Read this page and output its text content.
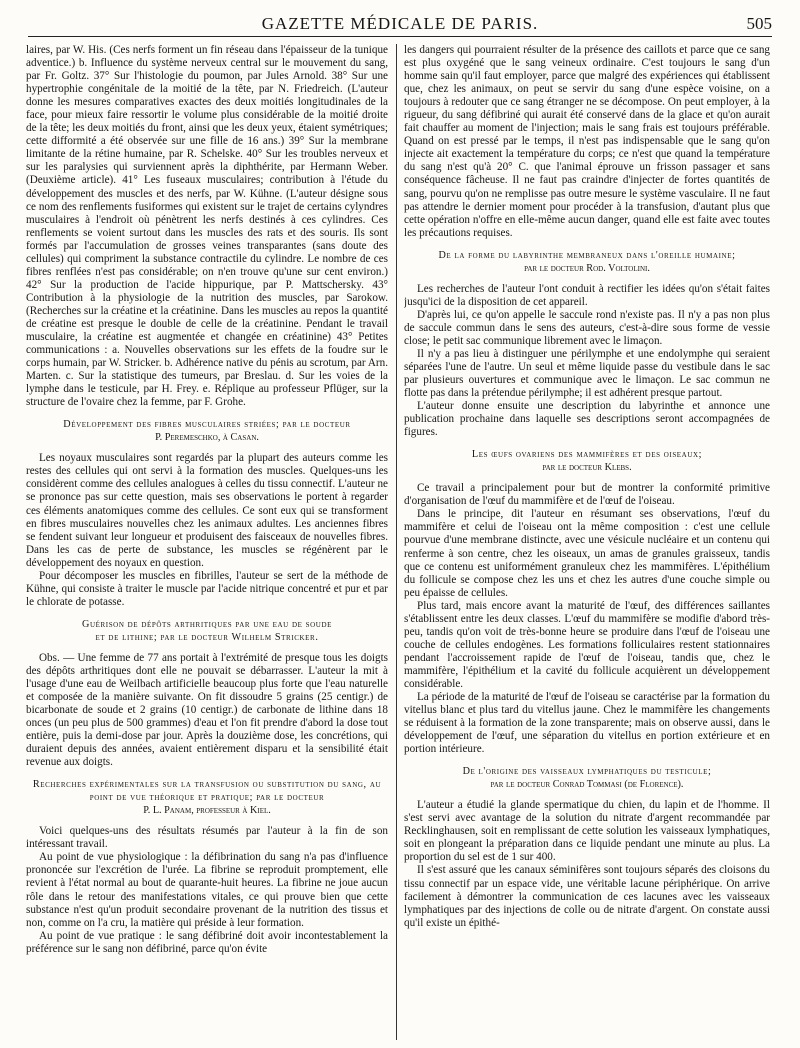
GAZETTE MÉDICALE DE PARIS.	505

laires, par W. His. (Ces nerfs forment un fin réseau dans l'épaisseur de la tunique adventice.) b. Influence du système nerveux central sur le mouvement du sang, par Fr. Goltz. 37° Sur l'histologie du poumon, par Jules Arnold. 38° Sur une hypertrophie congénitale de la moitié de la tête, par N. Friedreich. (L'auteur donne les mesures comparatives exactes des deux moitiés longitudinales de la face, pour mieux faire ressortir le volume plus considérable de la moitié droite de la tête; les deux moitiés du front, ainsi que les deux yeux, étaient symétriques; cette difformité a été observée sur une fille de 16 ans.) 39° Sur la membrane limitante de la rétine humaine, par R. Schelske. 40° Sur les troubles nerveux et sur les paralysies qui surviennent après la diphthérite, par Hermann Weber. (Deuxième article). 41° Les fuseaux musculaires; contribution à l'étude du développement des muscles et des nerfs, par W. Kühne. (L'auteur désigne sous ce nom des renflements fusiformes qui existent sur le trajet de certains cylyndres musculaires à l'endroit où pénètrent les nerfs destinés à ces cylindres. Ces renflements se voient surtout dans les muscles des rats et des souris. Ils sont formés par l'accumulation de grosses veines transparantes (sans doute des cellules) qui compriment la substance contractile du cylindre. Le nombre de ces fibres renflées n'est pas considérable; on n'en trouve qu'une sur cent environ.) 42° Sur la production de l'acide hippurique, par P. Mattschersky. 43° Contribution à la physiologie de la nutrition des muscles, par Sarokow. (Recherches sur la créatine et la créatinine. Dans les muscles au repos la quantité de créatine est presque le double de celle de la créatinine. Pendant le travail musculaire, la créatine est augmentée et changée en créatinine) 43° Petites communications : a. Nouvelles observations sur les effets de la foudre sur le corps humain, par W. Stricker. b. Adhérence native du pénis au scrotum, par Arn. Marten. c. Sur la statistique des tumeurs, par Breslau. d. Sur les voies de la lymphe dans le testicule, par H. Frey. e. Réplique au professeur Pflüger, sur la structure de l'ovaire chez la femme, par F. Grohe.

Développement des fibres musculaires striées; par le docteur
P. Peremeschko, à Casan.

Les noyaux musculaires sont regardés par la plupart des auteurs comme les restes des cellules qui ont servi à la formation des muscles. Quelques-uns les considèrent comme des cellules analogues à celles du tissu connectif. L'auteur ne se prononce pas sur cette question, mais ses observations le portent à regarder ces éléments anatomiques comme des cellules. Ce sont eux qui se transforment en fibres musculaires nouvelles chez les animaux adultes. Les anciennes fibres se fendent suivant leur longueur et produisent des faisceaux de nouvelles fibres. Dans les cas de perte de substance, les muscles se régénèrent par le développement des noyaux en question.

Pour décomposer les muscles en fibrilles, l'auteur se sert de la méthode de Kühne, qui consiste à traiter le muscle par l'acide nitrique concentré et pur et par le chlorate de potasse.

Guérison de dépôts arthritiques par une eau de soude
et de lithine; par le docteur Wilhelm Stricker.

Obs. — Une femme de 77 ans portait à l'extrémité de presque tous les doigts des dépôts arthritiques dont elle ne pouvait se débarrasser. L'auteur la mit à l'usage d'une eau de Weilbach artificielle beaucoup plus forte que l'eau naturelle et composée de la manière suivante. On fit dissoudre 5 grains (25 centigr.) de bicarbonate de soude et 2 grains (10 centigr.) de carbonate de lithine dans 18 onces (un peu plus de 500 grammes) d'eau et l'on fit prendre d'abord la dose tout entière, puis la demi-dose par jour. Après la douzième dose, les concrétions, qui duraient depuis des années, avaient entièrement disparu et la sensibilité était revenue aux doigts.

Recherches expérimentales sur la transfusion ou substitution du sang, au point de vue théorique et pratique; par le docteur
P. L. Panam, professeur à Kiel.

Voici quelques-uns des résultats résumés par l'auteur à la fin de son intéressant travail.

Au point de vue physiologique : la défibrination du sang n'a pas d'influence prononcée sur l'excrétion de l'urée. La fibrine se reproduit promptement, elle revient à l'état normal au bout de quarante-huit heures. La fibrine ne joue aucun rôle dans le retour des manifestations vitales, ce qui prouve bien que cette substance n'est qu'un produit secondaire provenant de la nutrition des tissus et non, comme on l'a cru, la matière qui préside à leur formation.

Au point de vue pratique : le sang défibriné doit avoir incontestablement la préférence sur le sang non défibriné, parce qu'on évite

les dangers qui pourraient résulter de la présence des caillots et parce que ce sang est plus oxygéné que le sang veineux ordinaire. C'est toujours le sang d'un homme sain qu'il faut employer, parce que malgré des expériences qui établissent que, chez les animaux, on peut se servir du sang d'une espèce voisine, on a toujours à redouter que ce sang étranger ne se décompose. On peut employer, à la rigueur, du sang défibriné qui aurait été conservé dans de la glace et qu'on aurait fait chauffer au moment de l'injection; mais le sang frais est toujours préférable. Quand on est pressé par le temps, il n'est pas indispensable que le sang qu'on injecte ait exactement la température du corps; ce n'est que quand la température du sang n'est qu'à 20° C. que l'animal éprouve un frisson passager et sans conséquence fâcheuse. Il ne faut pas craindre d'injecter de fortes quantités de sang, pourvu qu'on ne remplisse pas outre mesure le système vasculaire. Il ne faut pas attendre le dernier moment pour procéder à la transfusion, d'autant plus que cette opération n'offre en elle-même aucun danger, quand elle est faite avec toutes les précautions requises.

De la forme du labyrinthe membraneux dans l'oreille humaine;
par le docteur Rod. Voltolini.

Les recherches de l'auteur l'ont conduit à rectifier les idées qu'on s'était faites jusqu'ici de la disposition de cet appareil.

D'après lui, ce qu'on appelle le saccule rond n'existe pas. Il n'y a pas non plus de saccule commun dans le sens des auteurs, c'est-à-dire sous forme de vessie close; le petit sac communique librement avec le limaçon.

Il n'y a pas lieu à distinguer une périlymphe et une endolymphe qui seraient séparées l'une de l'autre. Un seul et même liquide passe du vestibule dans le sac par plusieurs ouvertures et communique avec le limaçon. Le sac commun ne flotte pas dans la prétendue périlymphe; il est adhérent presque partout.

L'auteur donne ensuite une description du labyrinthe et annonce une publication prochaine dans laquelle ses descriptions seront accompagnées de figures.

Les œufs ovariens des mammifères et des oiseaux;
par le docteur Klebs.

Ce travail a principalement pour but de montrer la conformité primitive d'organisation de l'œuf du mammifère et de l'œuf de l'oiseau.

Dans le principe, dit l'auteur en résumant ses observations, l'œuf du mammifère et celui de l'oiseau ont la même composition : c'est une cellule pourvue d'une membrane distincte, avec une vésicule nucléaire et un contenu qui renferme à son centre, chez les oiseaux, un amas de granules graisseux, tandis que ce contenu est uniformément granuleux chez les mammifères. L'épithélium du follicule se compose chez les uns et chez les autres d'une couche simple ou peu épaisse de cellules.

Plus tard, mais encore avant la maturité de l'œuf, des différences saillantes s'établissent entre les deux classes. L'œuf du mammifère se modifie d'abord très-peu, tandis qu'on voit de très-bonne heure se produire dans l'œuf de l'oiseau une couche de cellules endogènes. Les formations folliculaires restent stationnaires pendant l'accroissement rapide de l'œuf de l'oiseau, tandis que, chez le mammifère, l'épithélium et la cavité du follicule acquièrent un développement considérable.

La période de la maturité de l'œuf de l'oiseau se caractérise par la formation du vitellus blanc et plus tard du vitellus jaune. Chez le mammifère les changements se réduisent à la formation de la zone transparente; mais on observe aussi, dans le développement de l'œuf, une séparation du vitellus en portion extérieure et en portion intérieure.

De l'origine des vaisseaux lymphatiques du testicule;
par le docteur Conrad Tommasi (de Florence).

L'auteur a étudié la glande spermatique du chien, du lapin et de l'homme. Il s'est servi avec avantage de la solution du nitrate d'argent recommandée par Recklinghausen, soit en remplissant de cette solution les vaisseaux lymphatiques, soit en plongeant la préparation dans ce liquide pendant une minute au plus. La proportion du sel est de 1 sur 400.

Il s'est assuré que les canaux séminifères sont toujours séparés des cloisons du tissu connectif par un espace vide, une véritable lacune périphérique. On arrive facilement à démontrer la communication de ces lacunes avec les vaisseaux lymphatiques par des injections de colle ou de nitrate d'argent. On constate aussi qu'il existe un épithé-
